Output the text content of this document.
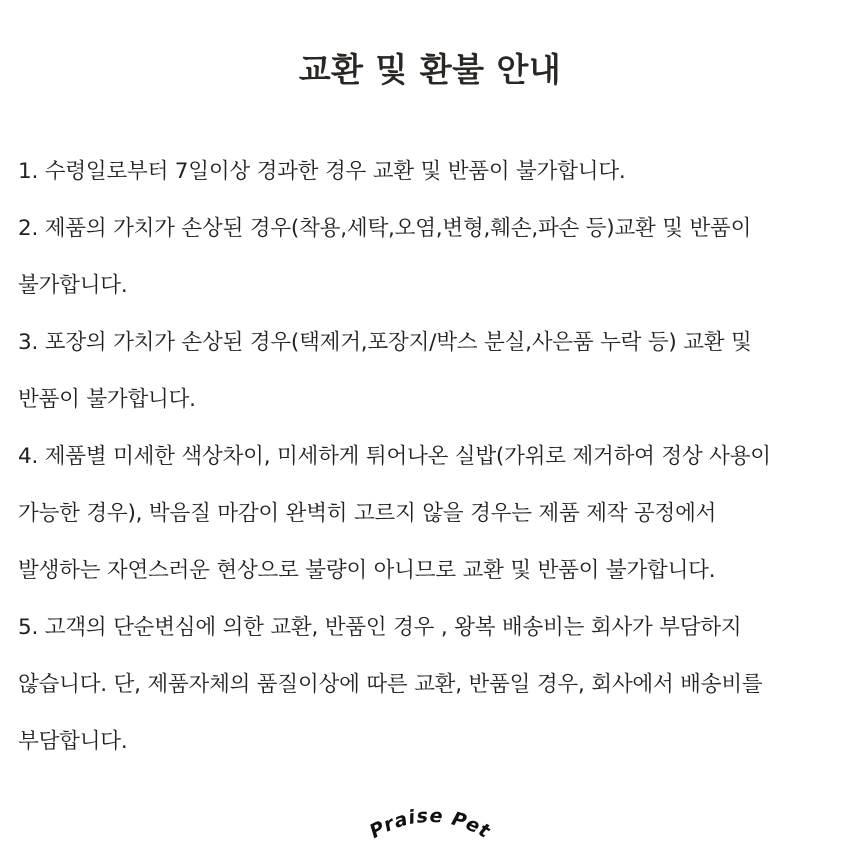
교환 및 환불 안내
1. 수령일로부터 7일이상 경과한 경우 교환 및 반품이 불가합니다.
2. 제품의 가치가 손상된 경우(착용,세탁,오염,변형,훼손,파손 등)교환 및 반품이
불가합니다.
3. 포장의 가치가 손상된 경우(택제거,포장지/박스 분실,사은품 누락 등) 교환 및
반품이 불가합니다.
4. 제품별 미세한 색상차이, 미세하게 튀어나온 실밥(가위로 제거하여 정상 사용이
가능한 경우), 박음질 마감이 완벽히 고르지 않을 경우는 제품 제작 공정에서
발생하는 자연스러운 현상으로 불량이 아니므로 교환 및 반품이 불가합니다.
5. 고객의 단순변심에 의한 교환, 반품인 경우 , 왕복 배송비는 회사가 부담하지
않습니다. 단, 제품자체의 품질이상에 따른 교환, 반품일 경우, 회사에서 배송비를
부담합니다.
Praise Pet
